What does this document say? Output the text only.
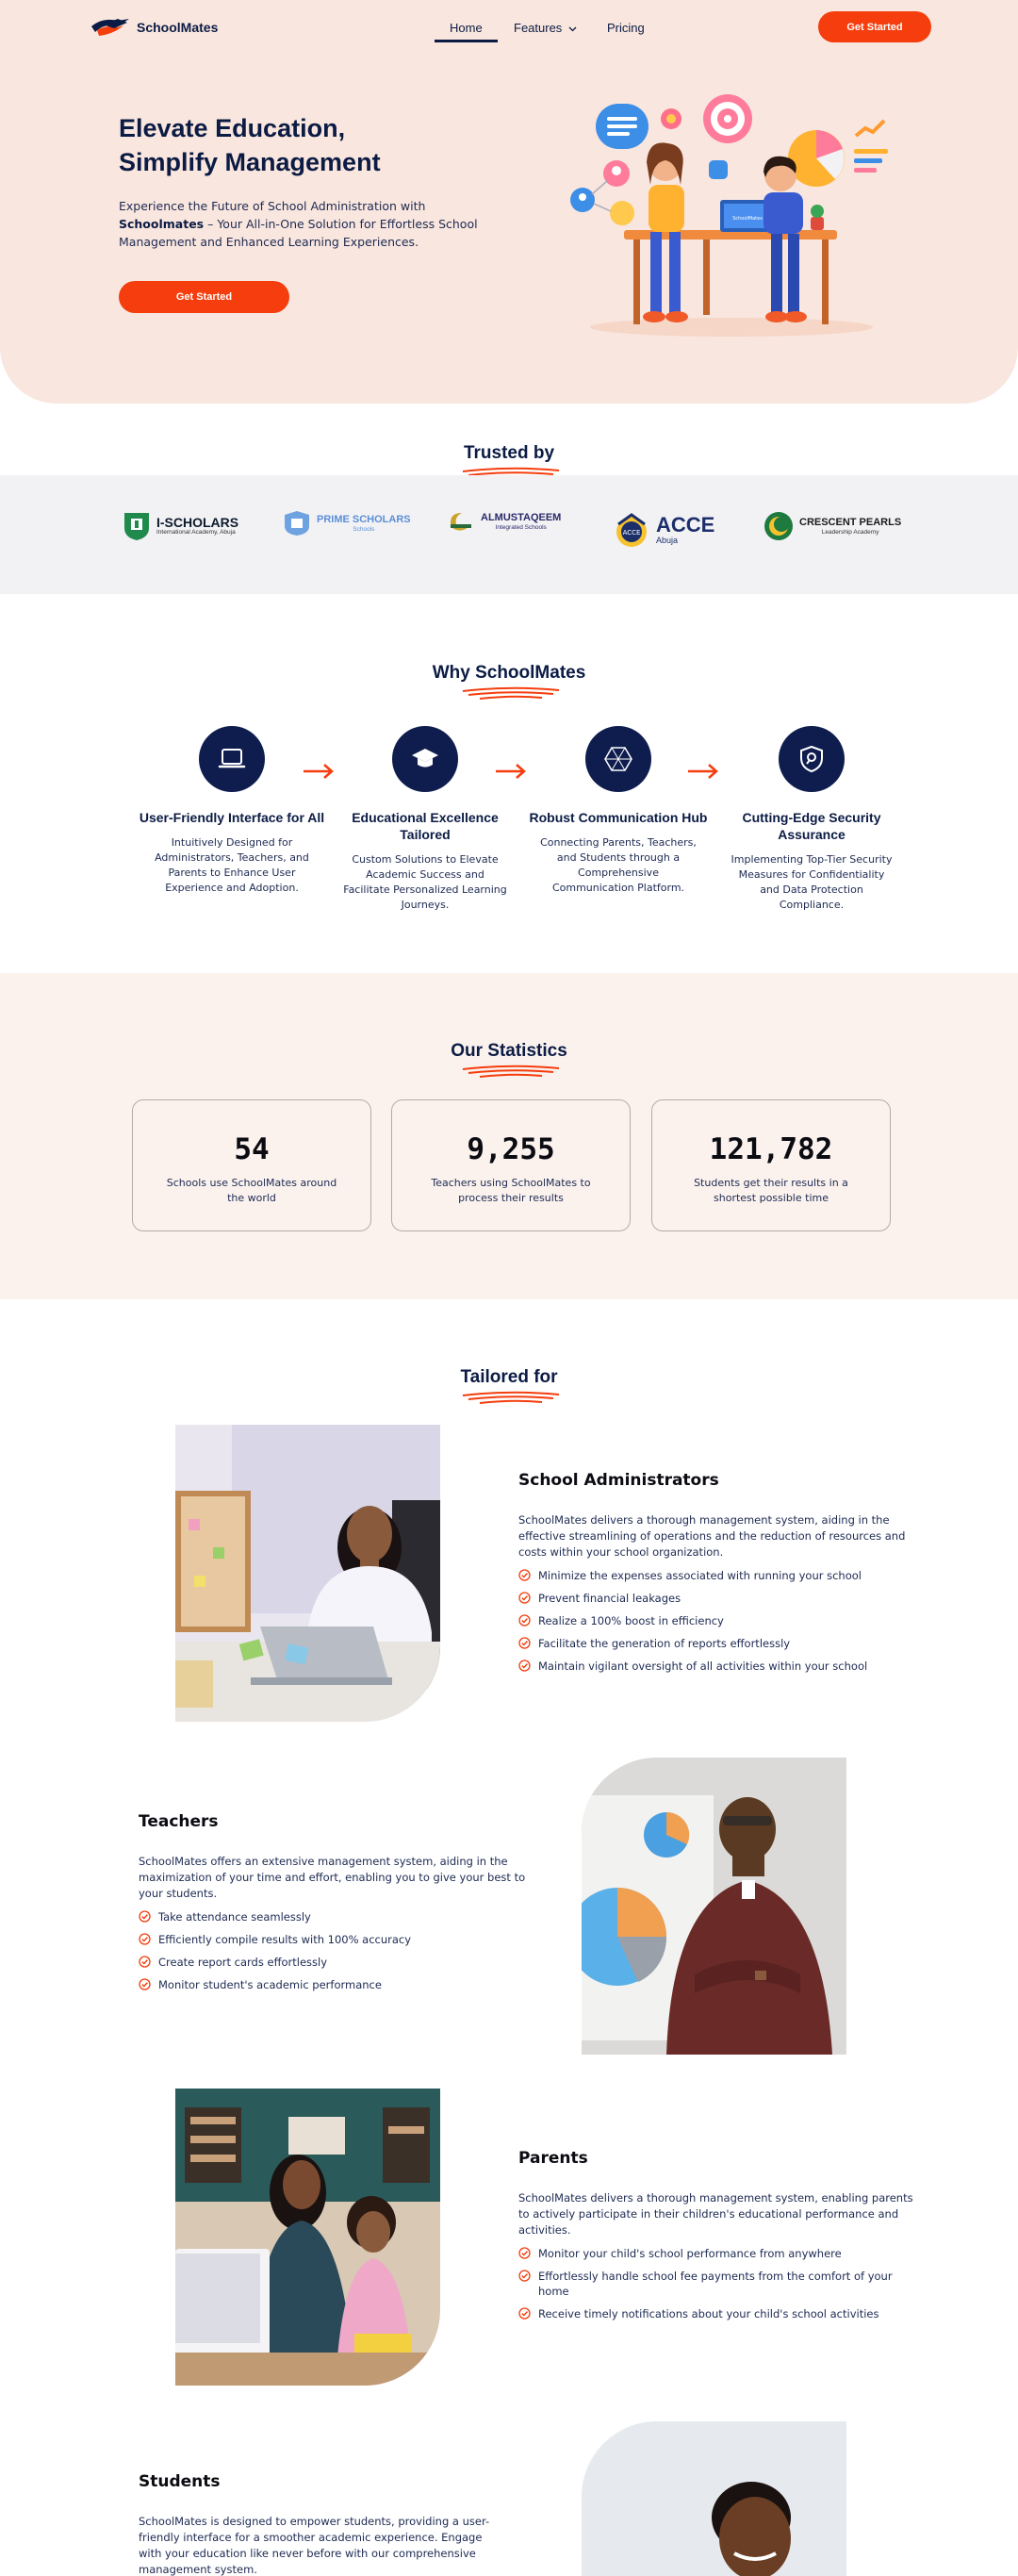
SchoolMates	Home	Features	Pricing	Get Started
Elevate Education,
Simplify Management

Experience the Future of School Administration with Schoolmates – Your All-in-One Solution for Effortless School Management and Enhanced Learning Experiences.

Get Started
SchoolMates
Trusted by
I-SCHOLARS
International Academy, Abuja
PRIME SCHOLARS
Schools
ALMUSTAQEEM
Integrated Schools
ACCE ACCE
Abuja
CRESCENT PEARLS
Leadership Academy
Why SchoolMates
User-Friendly Interface for All
Intuitively Designed for Administrators, Teachers, and Parents to Enhance User Experience and Adoption.
Educational Excellence Tailored
Custom Solutions to Elevate Academic Success and Facilitate Personalized Learning Journeys.
Robust Communication Hub
Connecting Parents, Teachers, and Students through a Comprehensive Communication Platform.
Cutting-Edge Security Assurance
Implementing Top-Tier Security Measures for Confidentiality and Data Protection Compliance.
Our Statistics
54
Schools use SchoolMates around the world
9,255
Teachers using SchoolMates to process their results
121,782
Students get their results in a shortest possible time
Tailored for
School Administrators
SchoolMates delivers a thorough management system, aiding in the effective streamlining of operations and the reduction of resources and costs within your school organization.
Minimize the expenses associated with running your school
Prevent financial leakages
Realize a 100% boost in efficiency
Facilitate the generation of reports effortlessly
Maintain vigilant oversight of all activities within your school
Teachers
SchoolMates offers an extensive management system, aiding in the maximization of your time and effort, enabling you to give your best to your students.
Take attendance seamlessly
Efficiently compile results with 100% accuracy
Create report cards effortlessly
Monitor student's academic performance
Parents
SchoolMates delivers a thorough management system, enabling parents to actively participate in their children's educational performance and activities.
Monitor your child's school performance from anywhere
Effortlessly handle school fee payments from the comfort of your home
Receive timely notifications about your child's school activities
Students
SchoolMates is designed to empower students, providing a user-friendly interface for a smoother academic experience. Engage with your education like never before with our comprehensive management system.
